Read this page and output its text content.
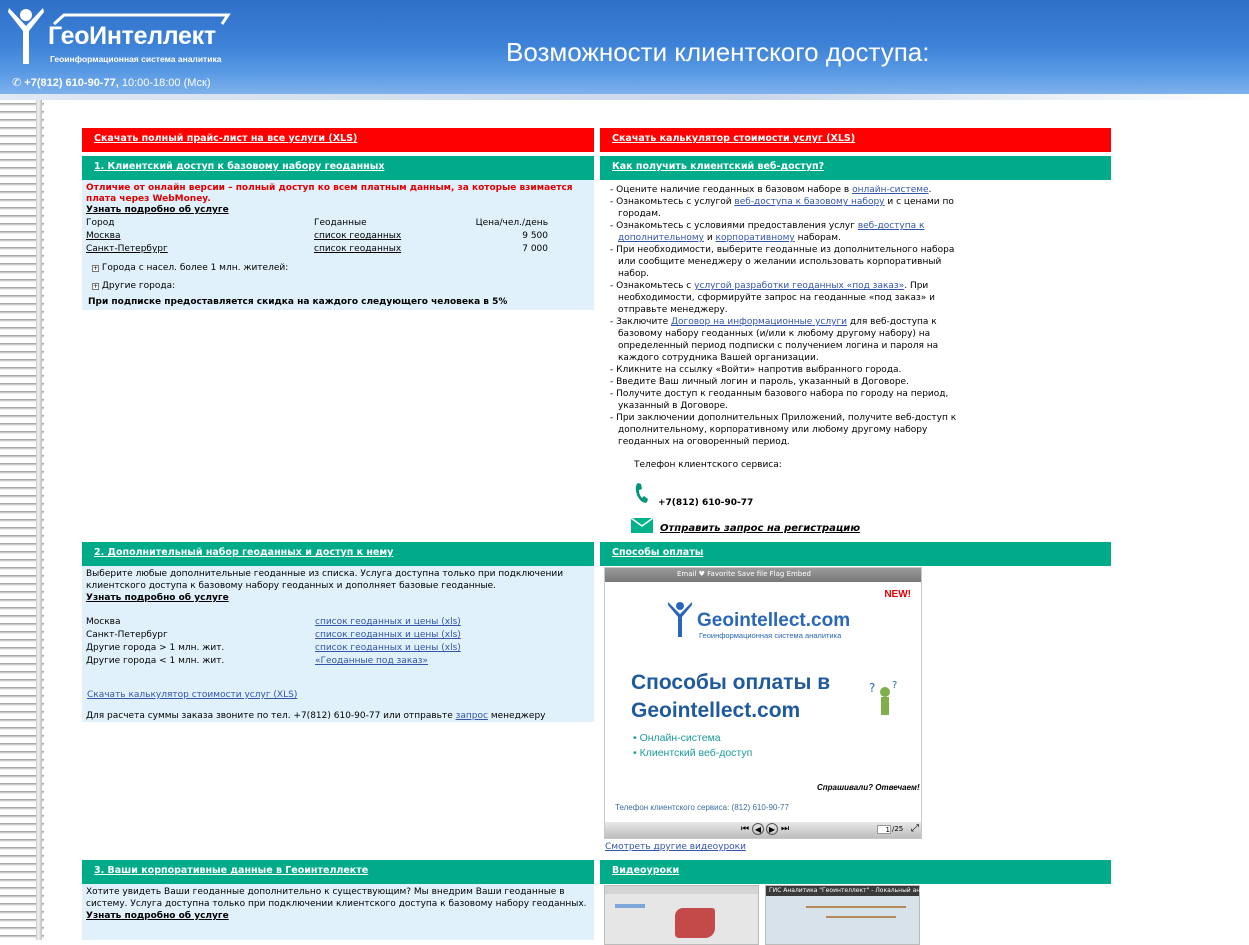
ГеоИнтеллект
Геоинформационная система аналитика
✆ +7(812) 610-90-77, 10:00-18:00 (Мск)
Возможности клиентского доступа:
Скачать полный прайс-лист на все услуги (XLS)	Скачать калькулятор стоимости услуг (XLS)
1. Клиентский доступ к базовому набору геоданных
Отличие от онлайн версии – полный доступ ко всем платным данным, за которые взимается плата через WebMoney.
Узнать подробно об услуге
Город	Геоданные	Цена/чел./день
Москва	список геоданных	9 500
Санкт-Петербург	список геоданных	7 000
+ Города с насел. более 1 млн. жителей:
+ Другие города:
При подписке предоставляется скидка на каждого следующего человека в 5%
Как получить клиентский веб-доступ?
- Оцените наличие геоданных в базовом наборе в онлайн-системе.
- Ознакомьтесь с услугой веб-доступа к базовому набору и с ценами по городам.
- Ознакомьтесь с условиями предоставления услуг веб-доступа к дополнительному и корпоративному наборам.
- При необходимости, выберите геоданные из дополнительного набора или сообщите менеджеру о желании использовать корпоративный набор.
- Ознакомьтесь с услугой разработки геоданных «под заказ». При необходимости, сформируйте запрос на геоданные «под заказ» и отправьте менеджеру.
- Заключите Договор на информационные услуги для веб-доступа к базовому набору геоданных (и/или к любому другому набору) на определенный период подписки с получением логина и пароля на каждого сотрудника Вашей организации.
- Кликните на ссылку «Войти» напротив выбранного города.
- Введите Ваш личный логин и пароль, указанный в Договоре.
- Получите доступ к геоданным базового набора по городу на период, указанный в Договоре.
- При заключении дополнительных Приложений, получите веб-доступ к дополнительному, корпоративному или любому другому набору геоданных на оговоренный период.
Телефон клиентского сервиса:
+7(812) 610-90-77
Отправить запрос на регистрацию
2. Дополнительный набор геоданных и доступ к нему
Выберите любые дополнительные геоданные из списка. Услуга доступна только при подключении клиентского доступа к базовому набору геоданных и дополняет базовые геоданные.
Узнать подробно об услуге
Москва	список геоданных и цены (xls)
Санкт-Петербург	список геоданных и цены (xls)
Другие города > 1 млн. жит.	список геоданных и цены (xls)
Другие города < 1 млн. жит.	«Геоданные под заказ»
Скачать калькулятор стоимости услуг (XLS)
Для расчета суммы заказа звоните по тел. +7(812) 610-90-77 или отправьте запрос менеджеру
Способы оплаты
Email ♥ Favorite Save file Flag Embed
NEW!
Geointellect.com
Геоинформационная система аналитика
Способы оплаты в Geointellect.com
? ?
• Онлайн-система
• Клиентский веб-доступ
Спрашивали? Отвечаем!
Телефон клиентского сервиса: (812) 610-90-77
⏮ ◀ ▶ ⏭	1 /25 ⤢
Смотреть другие видеоуроки
3. Ваши корпоративные данные в Геоинтеллекте
Хотите увидеть Ваши геоданные дополнительно к существующим? Мы внедрим Ваши геоданные в систему. Услуга доступна только при подключении клиентского доступа к базовому набору геоданных.
Узнать подробно об услуге
Видеоуроки
ГИС Аналитика "Геоинтеллект" - Локальный анализ...
